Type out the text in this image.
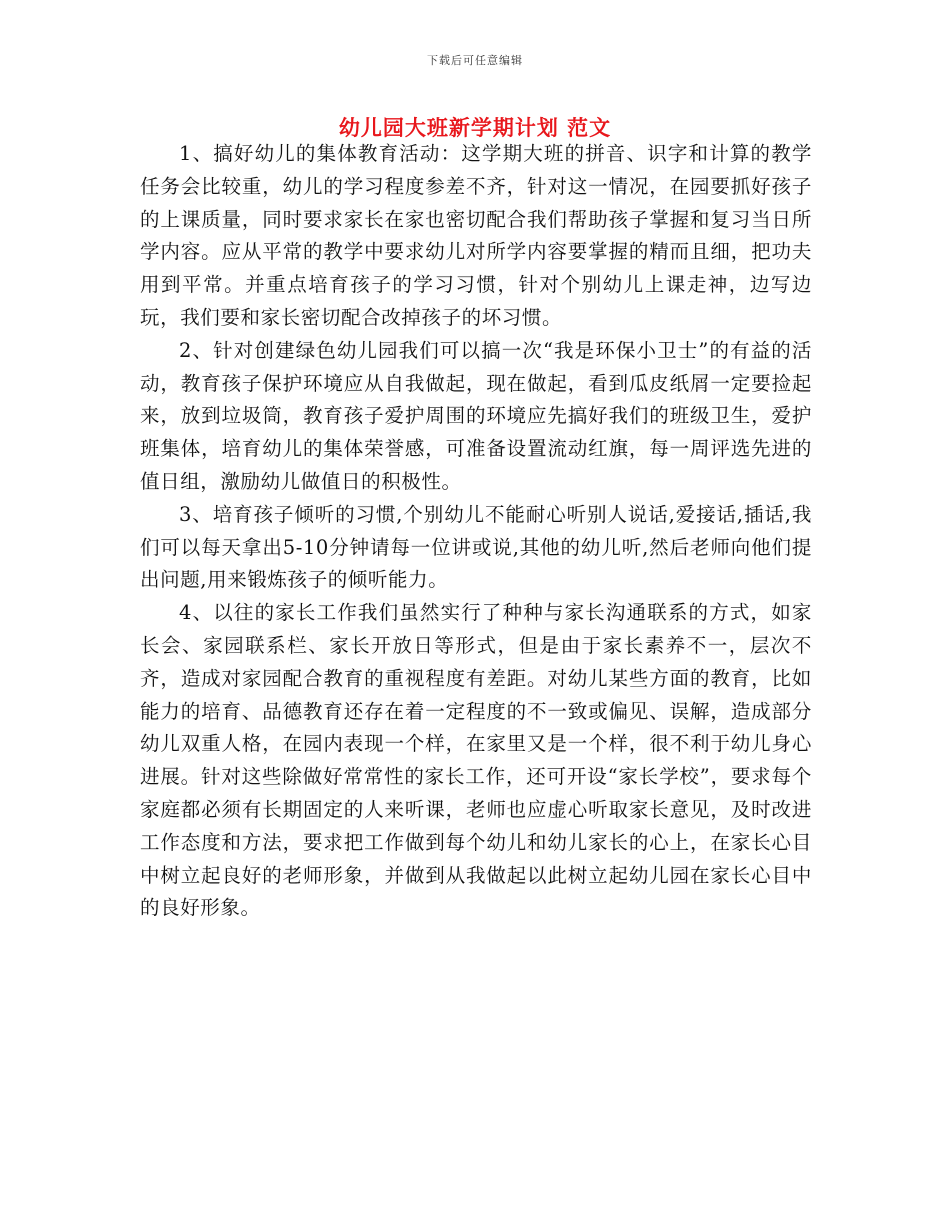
下载后可任意编辑
幼儿园大班新学期计划 范文

1、搞好幼儿的集体教育活动：这学期大班的拼音、识字和计算的教学任务会比较重，幼儿的学习程度参差不齐，针对这一情况，在园要抓好孩子的上课质量，同时要求家长在家也密切配合我们帮助孩子掌握和复习当日所学内容。应从平常的教学中要求幼儿对所学内容要掌握的精而且细，把功夫用到平常。并重点培育孩子的学习习惯，针对个别幼儿上课走神，边写边玩，我们要和家长密切配合改掉孩子的坏习惯。

2、针对创建绿色幼儿园我们可以搞一次“我是环保小卫士”的有益的活动，教育孩子保护环境应从自我做起，现在做起，看到瓜皮纸屑一定要捡起来，放到垃圾筒，教育孩子爱护周围的环境应先搞好我们的班级卫生，爱护班集体，培育幼儿的集体荣誉感，可准备设置流动红旗，每一周评选先进的值日组，激励幼儿做值日的积极性。

3、培育孩子倾听的习惯,个别幼儿不能耐心听别人说话,爱接话,插话,我们可以每天拿出5-10分钟请每一位讲或说,其他的幼儿听,然后老师向他们提出问题,用来锻炼孩子的倾听能力。

4、以往的家长工作我们虽然实行了种种与家长沟通联系的方式，如家长会、家园联系栏、家长开放日等形式，但是由于家长素养不一，层次不齐，造成对家园配合教育的重视程度有差距。对幼儿某些方面的教育，比如能力的培育、品德教育还存在着一定程度的不一致或偏见、误解，造成部分幼儿双重人格，在园内表现一个样，在家里又是一个样，很不利于幼儿身心进展。针对这些除做好常常性的家长工作，还可开设“家长学校”，要求每个家庭都必须有长期固定的人来听课，老师也应虚心听取家长意见，及时改进工作态度和方法，要求把工作做到每个幼儿和幼儿家长的心上，在家长心目中树立起良好的老师形象，并做到从我做起以此树立起幼儿园在家长心目中的良好形象。
